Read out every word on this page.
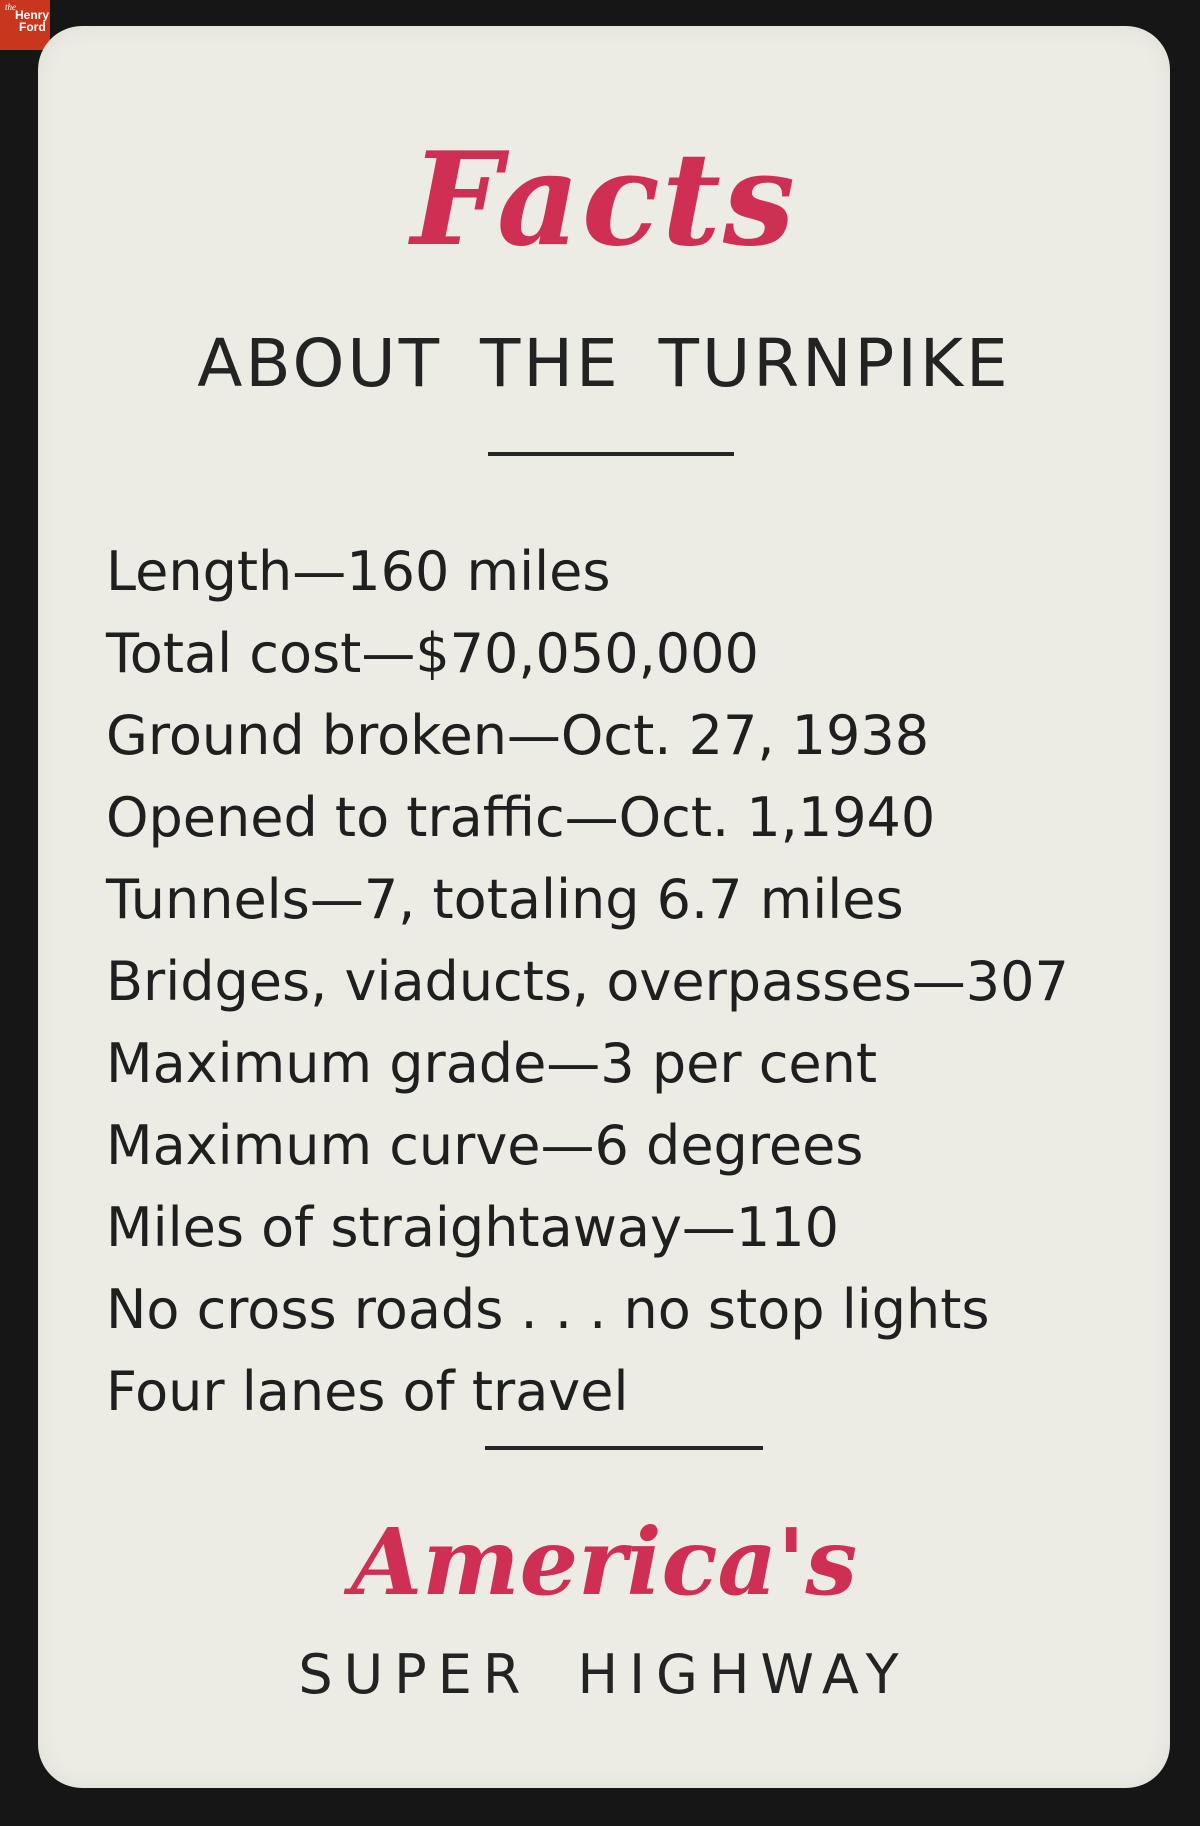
the
Henry
Ford
Facts
ABOUT THE TURNPIKE
Length—160 miles
Total cost—$70,050,000
Ground broken—Oct. 27, 1938
Opened to traffic—Oct. 1,1940
Tunnels—7, totaling 6.7 miles
Bridges, viaducts, overpasses—307
Maximum grade—3 per cent
Maximum curve—6 degrees
Miles of straightaway—110
No cross roads . . . no stop lights
Four lanes of travel
America's
SUPER HIGHWAY
